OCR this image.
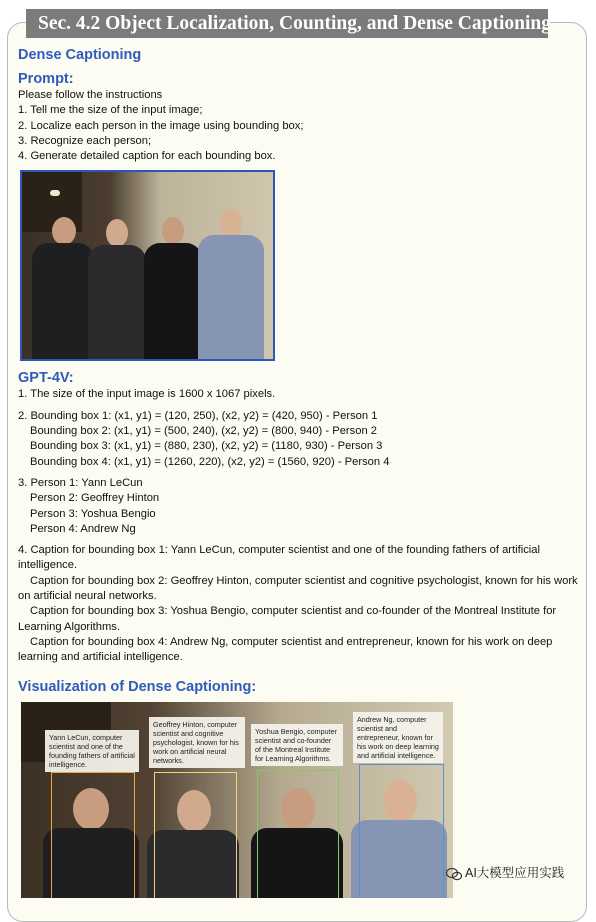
Sec. 4.2 Object Localization, Counting, and Dense Captioning
Dense Captioning
Prompt:
Please follow the instructions
1. Tell me the size of the input image;
2. Localize each person in the image using bounding box;
3. Recognize each person;
4. Generate detailed caption for each bounding box.
GPT-4V:
1. The size of the input image is 1600 x 1067 pixels.
2. Bounding box 1: (x1, y1) = (120, 250), (x2, y2) = (420, 950) - Person 1
Bounding box 2: (x1, y1) = (500, 240), (x2, y2) = (800, 940) - Person 2
Bounding box 3: (x1, y1) = (880, 230), (x2, y2) = (1180, 930) - Person 3
Bounding box 4: (x1, y1) = (1260, 220), (x2, y2) = (1560, 920) - Person 4
3. Person 1: Yann LeCun
Person 2: Geoffrey Hinton
Person 3: Yoshua Bengio
Person 4: Andrew Ng
4. Caption for bounding box 1: Yann LeCun, computer scientist and one of the founding fathers of artificial intelligence.
Caption for bounding box 2: Geoffrey Hinton, computer scientist and cognitive psychologist, known for his work on artificial neural networks.
Caption for bounding box 3: Yoshua Bengio, computer scientist and co-founder of the Montreal Institute for Learning Algorithms.
Caption for bounding box 4: Andrew Ng, computer scientist and entrepreneur, known for his work on deep learning and artificial intelligence.
Visualization of Dense Captioning:
Yann LeCun, computer scientist and one of the founding fathers of artificial intelligence.
Geoffrey Hinton, computer scientist and cognitive psychologist, known for his work on artificial neural networks.
Yoshua Bengio, computer scientist and co-founder of the Montreal Institute for Learning Algorithms.
Andrew Ng, computer scientist and entrepreneur, known for his work on deep learning and artificial intelligence.
AI大模型应用实践
